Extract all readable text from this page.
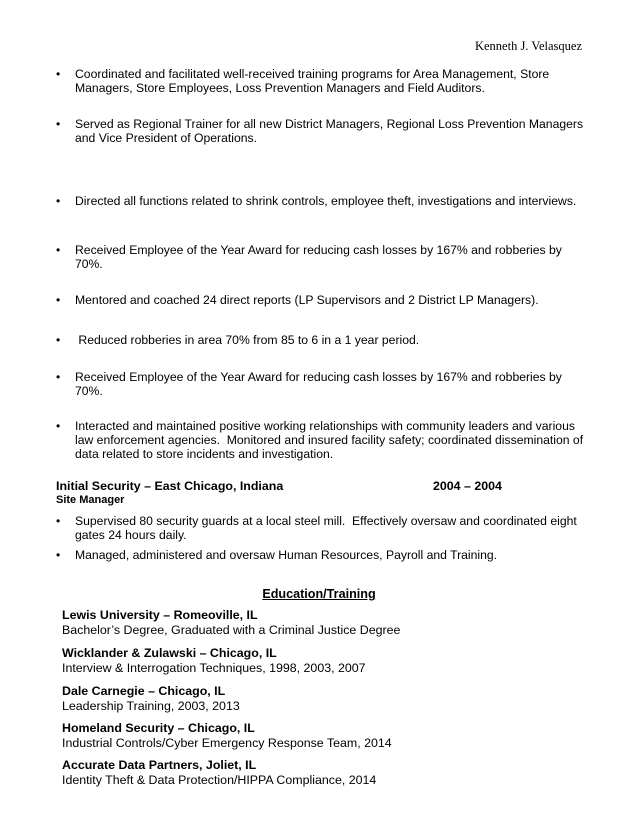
Kenneth J. Velasquez
• Coordinated and facilitated well-received training programs for Area Management, Store Managers, Store Employees, Loss Prevention Managers and Field Auditors.
• Served as Regional Trainer for all new District Managers, Regional Loss Prevention Managers and Vice President of Operations.
• Directed all functions related to shrink controls, employee theft, investigations and interviews.
• Received Employee of the Year Award for reducing cash losses by 167% and robberies by 70%.
• Mentored and coached 24 direct reports (LP Supervisors and 2 District LP Managers).
• Reduced robberies in area 70% from 85 to 6 in a 1 year period.
• Received Employee of the Year Award for reducing cash losses by 167% and robberies by 70%.
• Interacted and maintained positive working relationships with community leaders and various law enforcement agencies.  Monitored and insured facility safety; coordinated dissemination of data related to store incidents and investigation.
Initial Security – East Chicago, Indiana	2004 – 2004
Site Manager
• Supervised 80 security guards at a local steel mill.  Effectively oversaw and coordinated eight gates 24 hours daily.
• Managed, administered and oversaw Human Resources, Payroll and Training.
Education/Training
Lewis University – Romeoville, IL
Bachelor’s Degree, Graduated with a Criminal Justice Degree
Wicklander & Zulawski – Chicago, IL
Interview & Interrogation Techniques, 1998, 2003, 2007
Dale Carnegie – Chicago, IL
Leadership Training, 2003, 2013
Homeland Security – Chicago, IL
Industrial Controls/Cyber Emergency Response Team, 2014
Accurate Data Partners, Joliet, IL
Identity Theft & Data Protection/HIPPA Compliance, 2014
